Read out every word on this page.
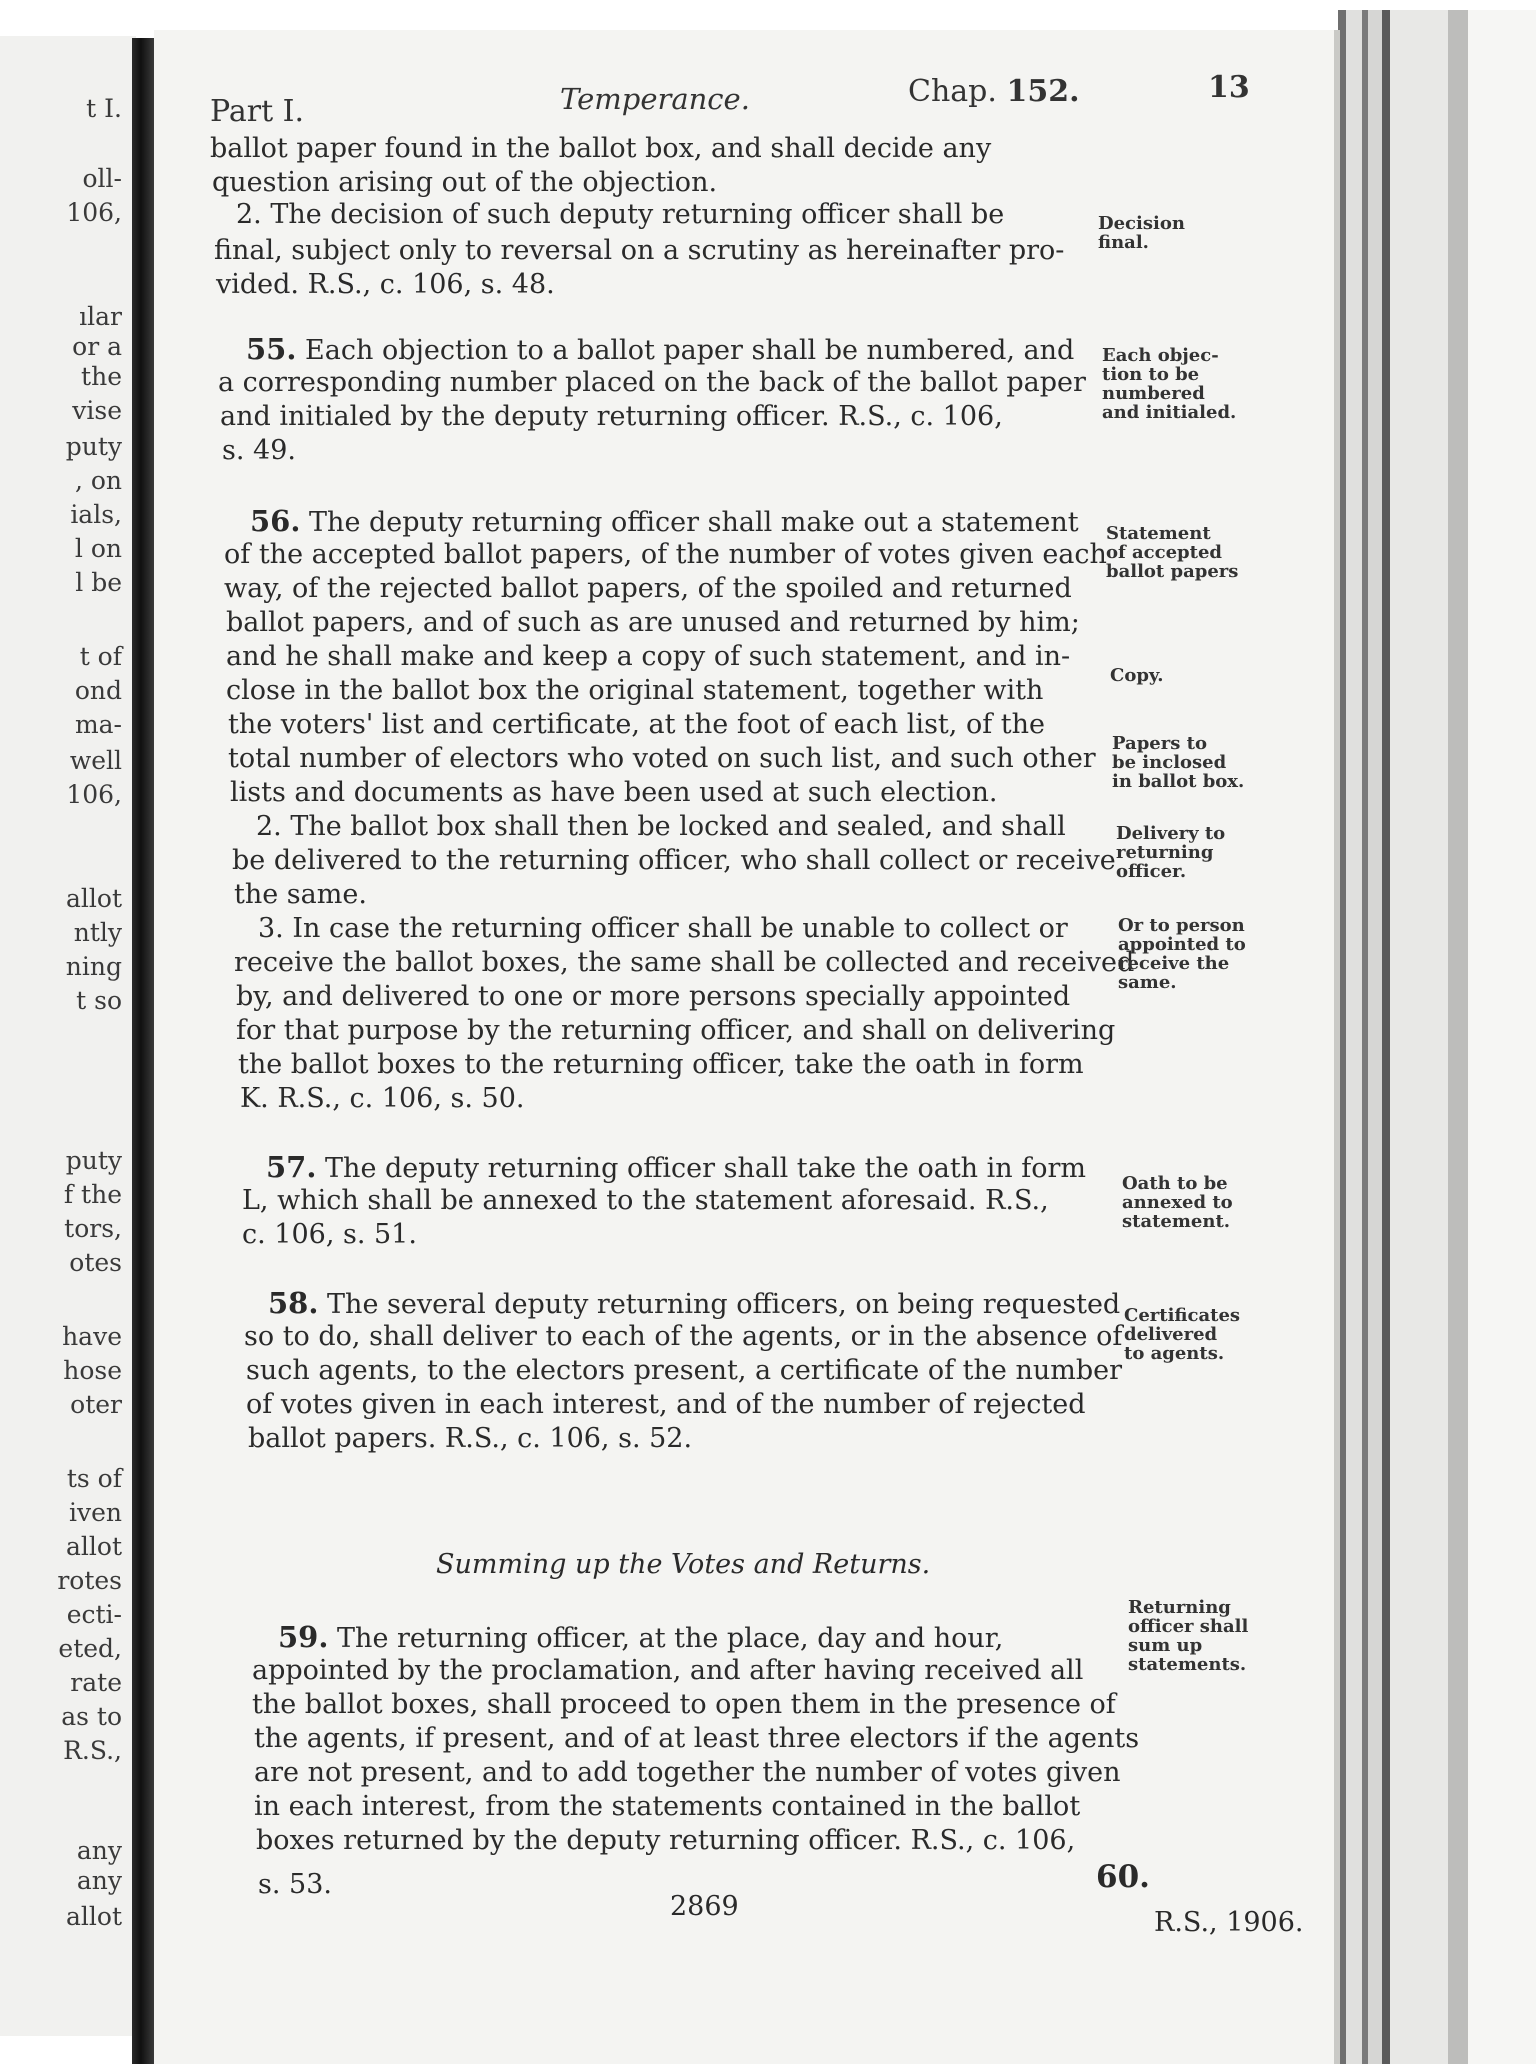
t I.
oll-
106,
ılar
or a
the
vise
puty
, on
ials,
l on
l be
t of
ond
ma-
well
106,
allot
ntly
ning
t so
puty
f the
tors,
otes
have
hose
oter
ts of
iven
allot
rotes
ecti-
eted,
rate
as to
R.S.,
any
any
allot
Part I.	Temperance.	Chap. 152.	13
ballot paper found in the ballot box, and shall decide any
question arising out of the objection.
2. The decision of such deputy returning officer shall be
final, subject only to reversal on a scrutiny as hereinafter pro-
vided. R.S., c. 106, s. 48.
55. Each objection to a ballot paper shall be numbered, and
a corresponding number placed on the back of the ballot paper
and initialed by the deputy returning officer. R.S., c. 106,
s. 49.
56. The deputy returning officer shall make out a statement
of the accepted ballot papers, of the number of votes given each
way, of the rejected ballot papers, of the spoiled and returned
ballot papers, and of such as are unused and returned by him;
and he shall make and keep a copy of such statement, and in-
close in the ballot box the original statement, together with
the voters' list and certificate, at the foot of each list, of the
total number of electors who voted on such list, and such other
lists and documents as have been used at such election.
2. The ballot box shall then be locked and sealed, and shall
be delivered to the returning officer, who shall collect or receive
the same.
3. In case the returning officer shall be unable to collect or
receive the ballot boxes, the same shall be collected and received
by, and delivered to one or more persons specially appointed
for that purpose by the returning officer, and shall on delivering
the ballot boxes to the returning officer, take the oath in form
K. R.S., c. 106, s. 50.
57. The deputy returning officer shall take the oath in form
L, which shall be annexed to the statement aforesaid. R.S.,
c. 106, s. 51.
58. The several deputy returning officers, on being requested
so to do, shall deliver to each of the agents, or in the absence of
such agents, to the electors present, a certificate of the number
of votes given in each interest, and of the number of rejected
ballot papers. R.S., c. 106, s. 52.
Summing up the Votes and Returns.
59. The returning officer, at the place, day and hour,
appointed by the proclamation, and after having received all
the ballot boxes, shall proceed to open them in the presence of
the agents, if present, and of at least three electors if the agents
are not present, and to add together the number of votes given
in each interest, from the statements contained in the ballot
boxes returned by the deputy returning officer. R.S., c. 106,
s. 53.
Decision
final.
Each objec-
tion to be
numbered
and initialed.
Statement
of accepted
ballot papers
Copy.
Papers to
be inclosed
in ballot box.
Delivery to
returning
officer.
Or to person
appointed to
receive the
same.
Oath to be
annexed to
statement.
Certificates
delivered
to agents.
Returning
officer shall
sum up
statements.
2869
60.
R.S., 1906.
